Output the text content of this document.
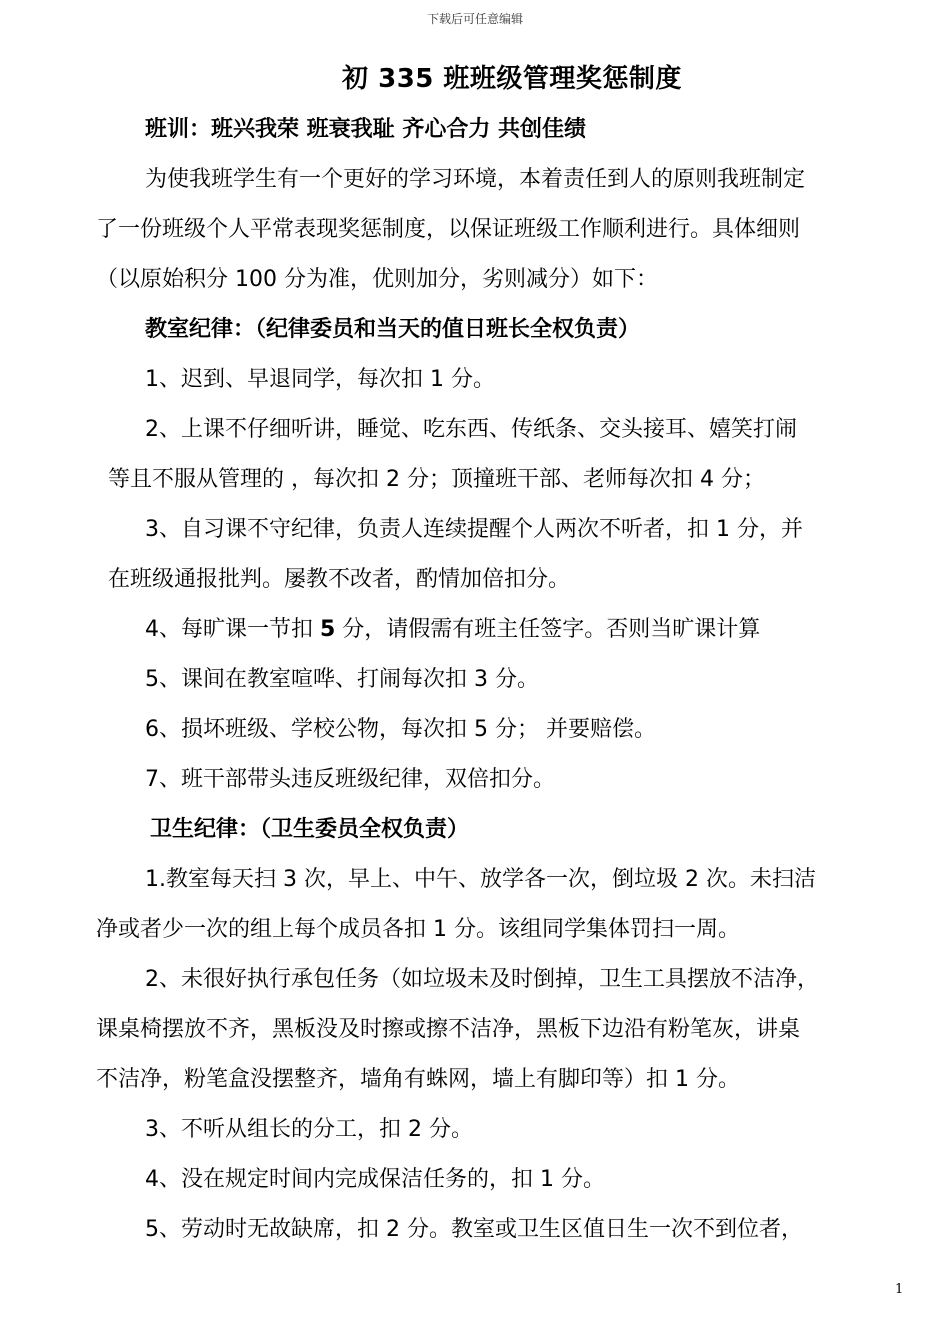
下载后可任意编辑
初 335 班班级管理奖惩制度
班训：班兴我荣 班衰我耻 齐心合力 共创佳绩
为使我班学生有一个更好的学习环境，本着责任到人的原则我班制定
了一份班级个人平常表现奖惩制度，以保证班级工作顺利进行。具体细则
（以原始积分 100 分为准，优则加分，劣则减分）如下：
教室纪律：（纪律委员和当天的值日班长全权负责）
1、迟到、早退同学，每次扣 1 分。
2、上课不仔细听讲，睡觉、吃东西、传纸条、交头接耳、嬉笑打闹
等且不服从管理的 ，每次扣 2 分；顶撞班干部、老师每次扣 4 分；
3、自习课不守纪律，负责人连续提醒个人两次不听者，扣 1 分，并
在班级通报批判。屡教不改者，酌情加倍扣分。
4、每旷课一节扣 5 分，请假需有班主任签字。否则当旷课计算
5、课间在教室喧哗、打闹每次扣 3 分。
6、损坏班级、学校公物，每次扣 5 分； 并要赔偿。
7、班干部带头违反班级纪律，双倍扣分。
卫生纪律：（卫生委员全权负责）
1.教室每天扫 3 次，早上、中午、放学各一次，倒垃圾 2 次。未扫洁
净或者少一次的组上每个成员各扣 1 分。该组同学集体罚扫一周。
2、未很好执行承包任务（如垃圾未及时倒掉，卫生工具摆放不洁净，
课桌椅摆放不齐，黑板没及时擦或擦不洁净，黑板下边沿有粉笔灰，讲桌
不洁净，粉笔盒没摆整齐，墙角有蛛网，墙上有脚印等）扣 1 分。
3、不听从组长的分工，扣 2 分。
4、没在规定时间内完成保洁任务的，扣 1 分。
5、劳动时无故缺席，扣 2 分。教室或卫生区值日生一次不到位者，
1
